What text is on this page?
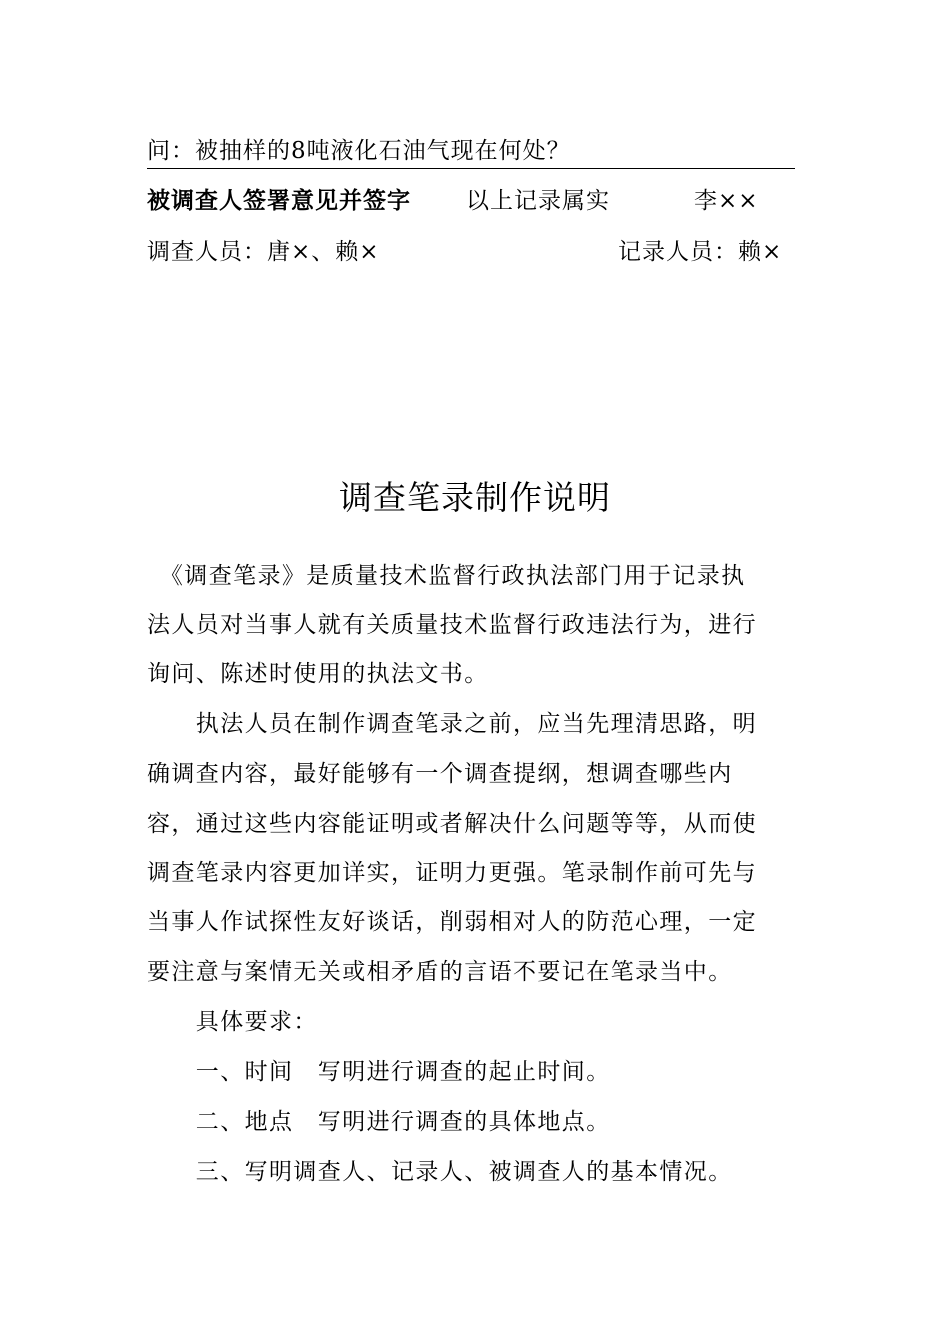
问：被抽样的8吨液化石油气现在何处？
被调查人签署意见并签字 以上记录属实	李××
调查人员：唐×、赖×	记录人员：赖×
调查笔录制作说明
　《调查笔录》是质量技术监督行政执法部门用于记录执
法人员对当事人就有关质量技术监督行政违法行为，进行
询问、陈述时使用的执法文书。
　　执法人员在制作调查笔录之前，应当先理清思路，明
确调查内容，最好能够有一个调查提纲，想调查哪些内
容，通过这些内容能证明或者解决什么问题等等，从而使
调查笔录内容更加详实，证明力更强。笔录制作前可先与
当事人作试探性友好谈话，削弱相对人的防范心理，一定
要注意与案情无关或相矛盾的言语不要记在笔录当中。
　　具体要求：
　　一、时间　写明进行调查的起止时间。
　　二、地点　写明进行调查的具体地点。
　　三、写明调查人、记录人、被调查人的基本情况。
